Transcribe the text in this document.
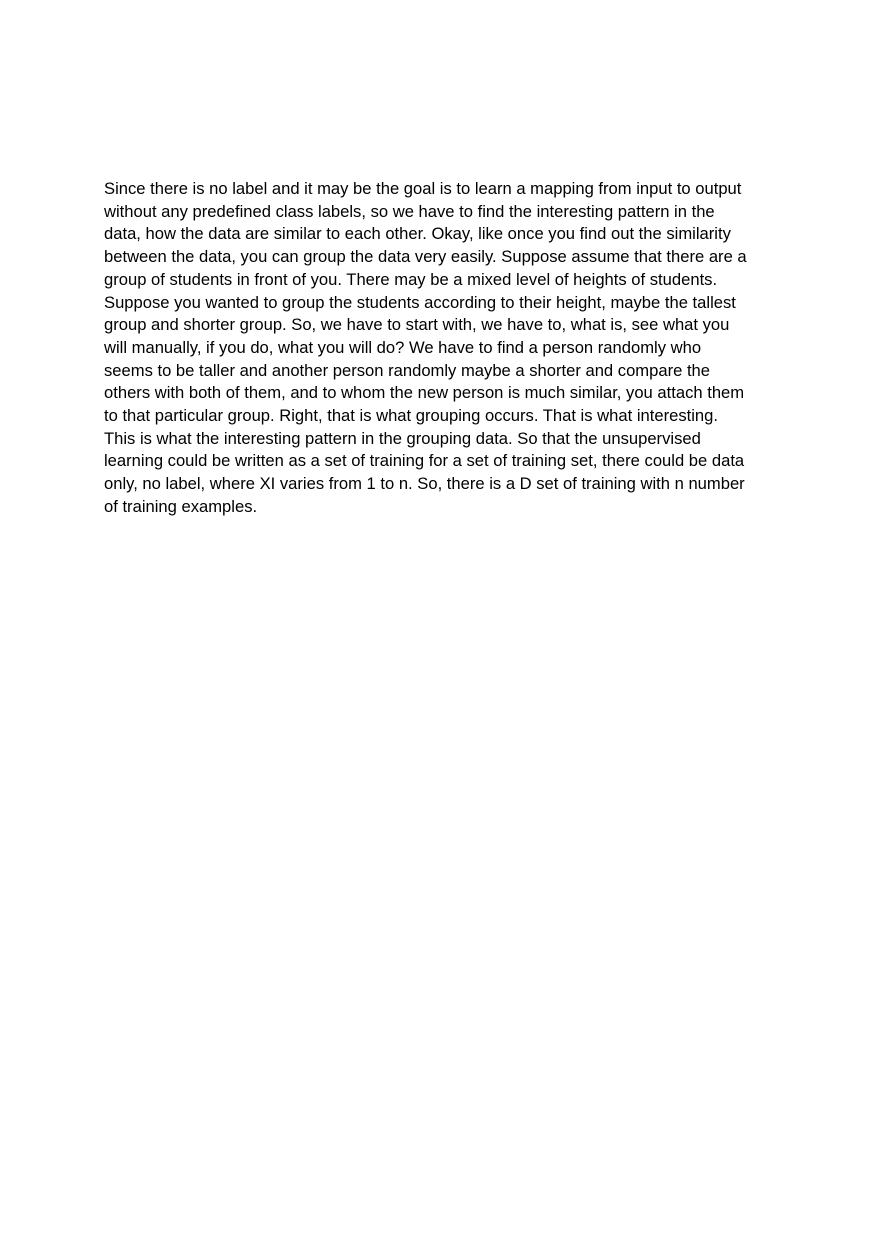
Since there is no label and it may be the goal is to learn a mapping from input to output
without any predefined class labels, so we have to find the interesting pattern in the
data, how the data are similar to each other. Okay, like once you find out the similarity
between the data, you can group the data very easily. Suppose assume that there are a
group of students in front of you. There may be a mixed level of heights of students.
Suppose you wanted to group the students according to their height, maybe the tallest
group and shorter group. So, we have to start with, we have to, what is, see what you
will manually, if you do, what you will do? We have to find a person randomly who
seems to be taller and another person randomly maybe a shorter and compare the
others with both of them, and to whom the new person is much similar, you attach them
to that particular group. Right, that is what grouping occurs. That is what interesting.
This is what the interesting pattern in the grouping data. So that the unsupervised
learning could be written as a set of training for a set of training set, there could be data
only, no label, where XI varies from 1 to n. So, there is a D set of training with n number
of training examples.
